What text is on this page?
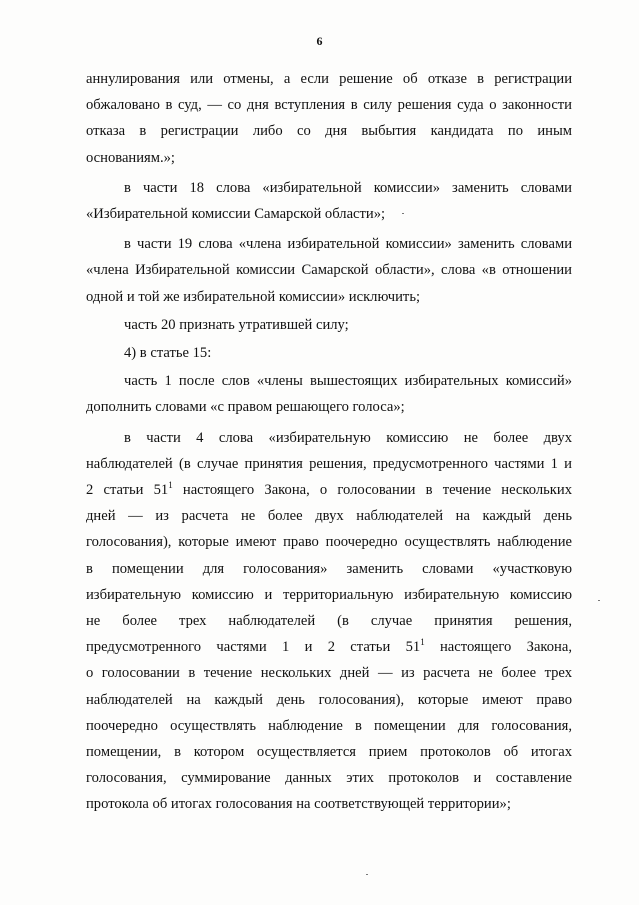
6

аннулирования или отмены, а если решение об отказе в регистрации

обжаловано в суд, — со дня вступления в силу решения суда о законности

отказа в регистрации либо со дня выбытия кандидата по иным

основаниям.»;

в части 18 слова «избирательной комиссии» заменить словами

«Избирательной комиссии Самарской области»;

в части 19 слова «члена избирательной комиссии» заменить словами

«члена Избирательной комиссии Самарской области», слова «в отношении

одной и той же избирательной комиссии» исключить;

часть 20 признать утратившей силу;

4) в статье 15:

часть 1 после слов «члены вышестоящих избирательных комиссий»

дополнить словами «с правом решающего голоса»;

в части 4 слова «избирательную комиссию не более двух

наблюдателей (в случае принятия решения, предусмотренного частями 1 и

2 статьи $51^1$ настоящего Закона, о голосовании в течение нескольких

дней — из расчета не более двух наблюдателей на каждый день

голосования), которые имеют право поочередно осуществлять наблюдение

в помещении для голосования» заменить словами «участковую

избирательную комиссию и территориальную избирательную комиссию

не более трех наблюдателей (в случае принятия решения,

предусмотренного частями 1 и 2 статьи $51^1$ настоящего Закона,

о голосовании в течение нескольких дней — из расчета не более трех

наблюдателей на каждый день голосования), которые имеют право

поочередно осуществлять наблюдение в помещении для голосования,

помещении, в котором осуществляется прием протоколов об итогах

голосования, суммирование данных этих протоколов и составление

протокола об итогах голосования на соответствующей территории»;
